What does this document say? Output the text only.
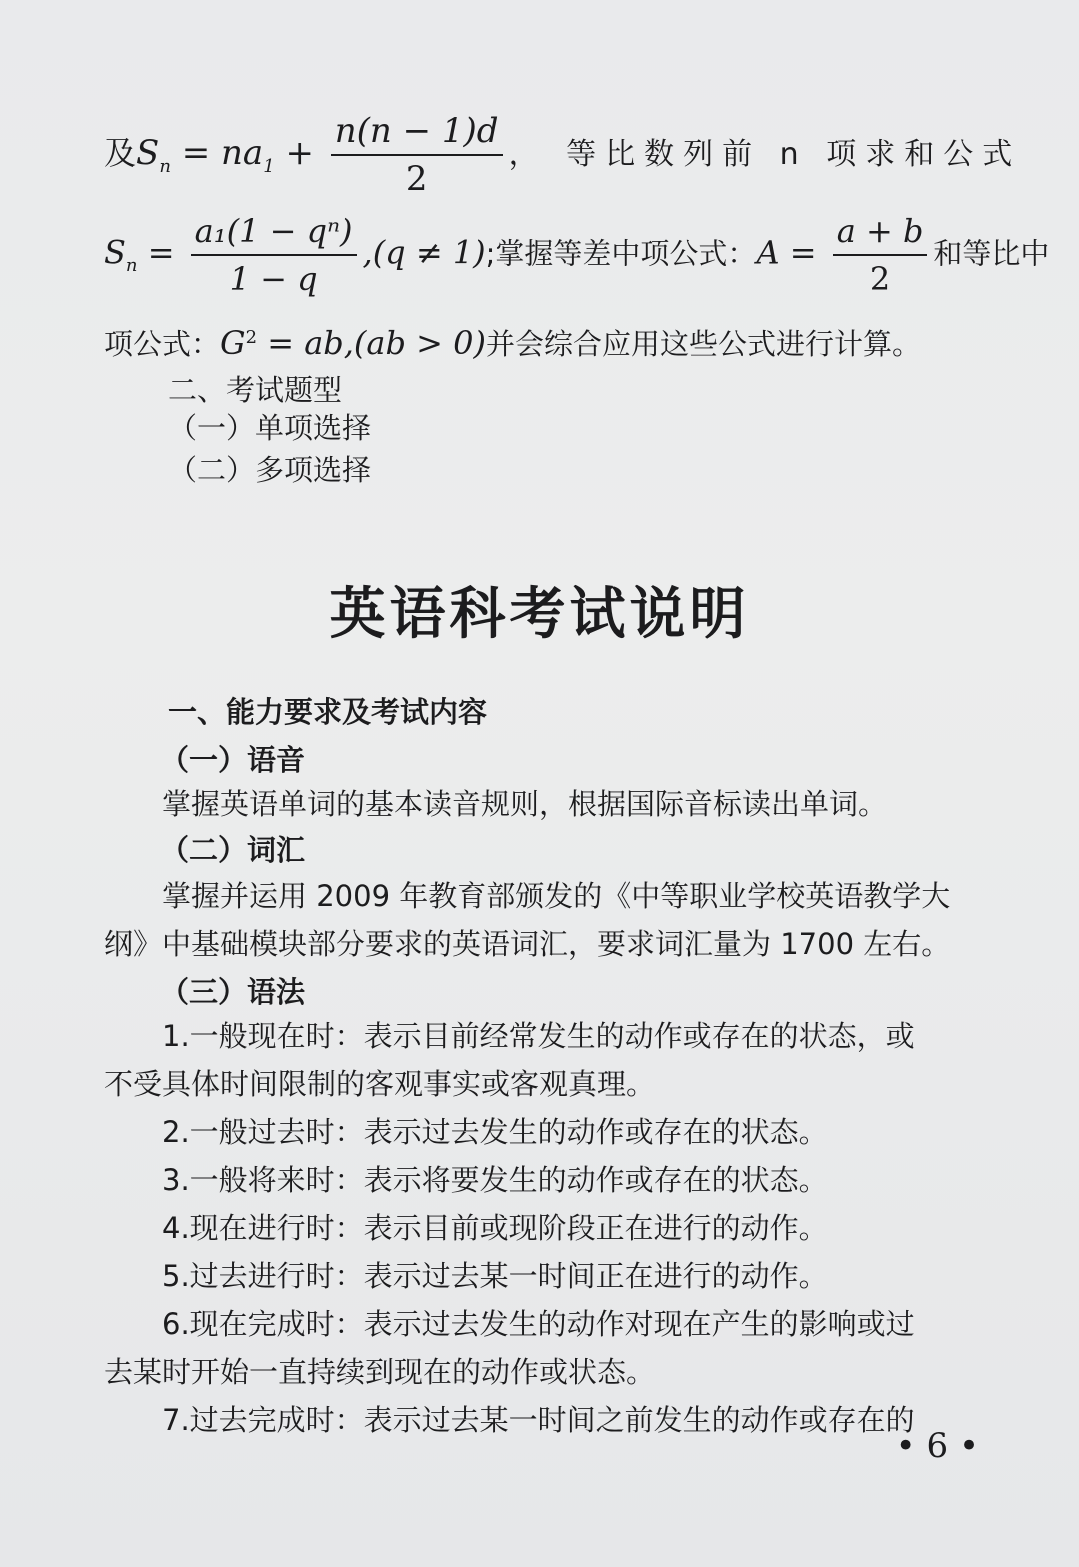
及$S_n = na_1 + \frac{n(n - 1)d}{2}$ ， 等比数列前 n 项求和公式
$S_n = \frac{\text{a₁(1 − qⁿ)}}{1 - q} ,(q \ne 1)$;掌握等差中项公式：$A = \frac{a + b}{2}$ 和等比中
项公式：$G^2 = ab,(ab > 0)$并会综合应用这些公式进行计算。
二、考试题型
（一）单项选择
（二）多项选择
英语科考试说明
一、能力要求及考试内容
（一）语音
掌握英语单词的基本读音规则，根据国际音标读出单词。
（二）词汇
掌握并运用 2009 年教育部颁发的《中等职业学校英语教学大
纲》中基础模块部分要求的英语词汇，要求词汇量为 1700 左右。
（三）语法
1.一般现在时：表示目前经常发生的动作或存在的状态，或
不受具体时间限制的客观事实或客观真理。
2.一般过去时：表示过去发生的动作或存在的状态。
3.一般将来时：表示将要发生的动作或存在的状态。
4.现在进行时：表示目前或现阶段正在进行的动作。
5.过去进行时：表示过去某一时间正在进行的动作。
6.现在完成时：表示过去发生的动作对现在产生的影响或过
去某时开始一直持续到现在的动作或状态。
7.过去完成时：表示过去某一时间之前发生的动作或存在的
• 6 •
